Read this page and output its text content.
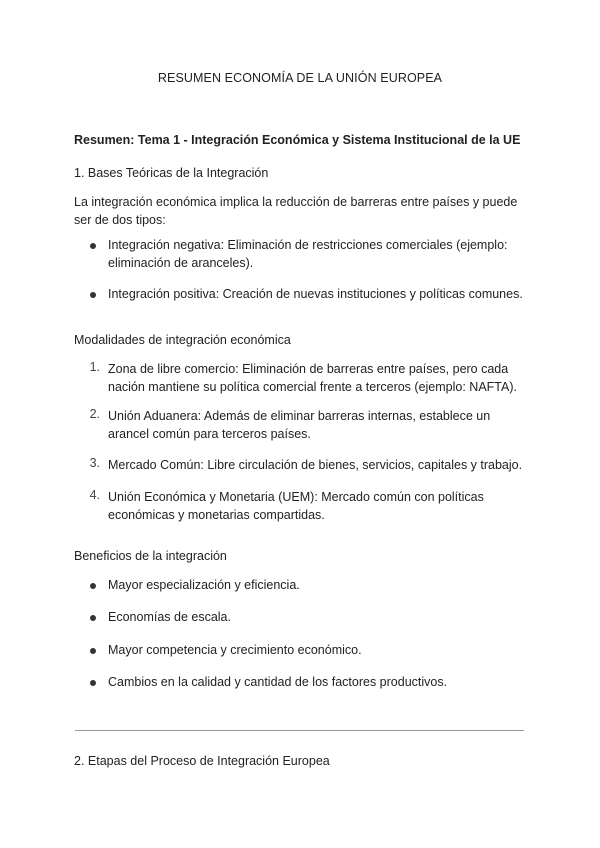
RESUMEN ECONOMÍA DE LA UNIÓN EUROPEA
Resumen: Tema 1 - Integración Económica y Sistema Institucional de la UE
1. Bases Teóricas de la Integración
La integración económica implica la reducción de barreras entre países y puede ser de dos tipos:
Integración negativa: Eliminación de restricciones comerciales (ejemplo: eliminación de aranceles).
Integración positiva: Creación de nuevas instituciones y políticas comunes.
Modalidades de integración económica
1. Zona de libre comercio: Eliminación de barreras entre países, pero cada nación mantiene su política comercial frente a terceros (ejemplo: NAFTA).
2. Unión Aduanera: Además de eliminar barreras internas, establece un arancel común para terceros países.
3. Mercado Común: Libre circulación de bienes, servicios, capitales y trabajo.
4. Unión Económica y Monetaria (UEM): Mercado común con políticas económicas y monetarias compartidas.
Beneficios de la integración
Mayor especialización y eficiencia.
Economías de escala.
Mayor competencia y crecimiento económico.
Cambios en la calidad y cantidad de los factores productivos.
2. Etapas del Proceso de Integración Europea
